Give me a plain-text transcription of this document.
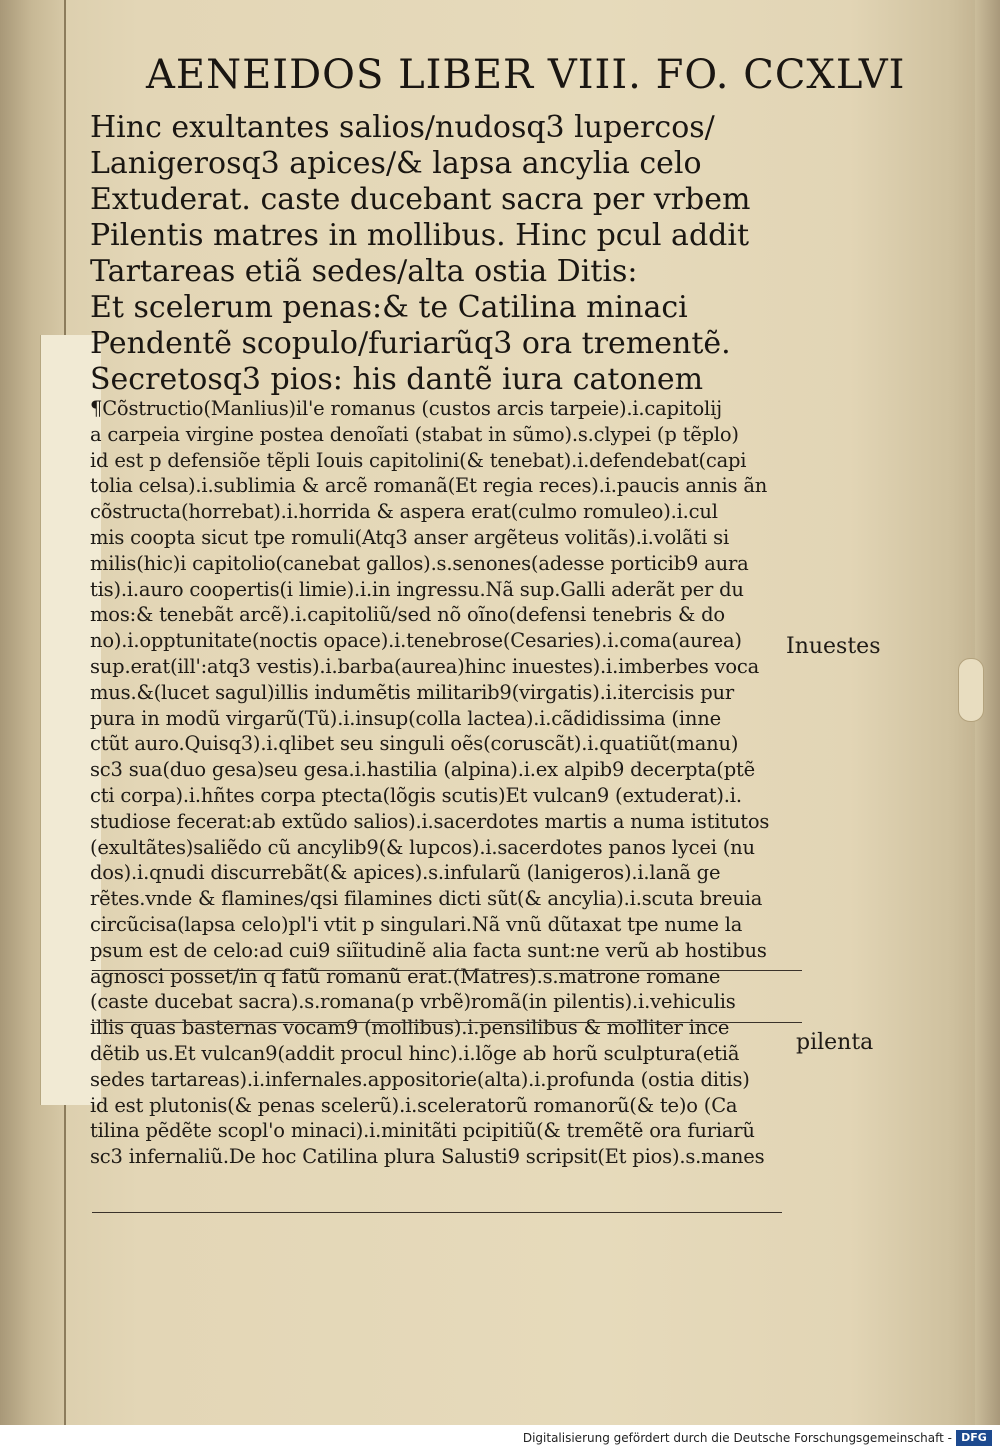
AENEIDOS LIBER VIII. FO. CCXLVI
Hinc exultantes salios/nudosq3 lupercos/
Lanigerosq3 apices/& lapsa ancylia celo
Extuderat. caste ducebant sacra per vrbem
Pilentis matres in mollibus. Hinc pcul addit
Tartareas etiã sedes/alta ostia Ditis:
Et scelerum penas:& te Catilina minaci
Pendentẽ scopulo/furiarũq3 ora trementẽ.
Secretosq3 pios: his dantẽ iura catonem
¶Cõstructio(Manlius)il'e romanus (custos arcis tarpeie).i.capitolij
a carpeia virgine postea denoĩati (stabat in sũmo).s.clypei (p tẽplo)
id est p defensiõe tẽpli Iouis capitolini(& tenebat).i.defendebat(capi
tolia celsa).i.sublimia & arcẽ romanã(Et regia reces).i.paucis annis ãn
cõstructa(horrebat).i.horrida & aspera erat(culmo romuleo).i.cul
mis coopta sicut tpe romuli(Atq3 anser argẽteus volitãs).i.volãti si
milis(hic)i capitolio(canebat gallos).s.senones(adesse porticib9 aura
tis).i.auro coopertis(i limie).i.in ingressu.Nã sup.Galli aderãt per du
mos:& tenebãt arcẽ).i.capitoliũ/sed nõ oĩno(defensi tenebris & do
no).i.opptunitate(noctis opace).i.tenebrose(Cesaries).i.coma(aurea)
sup.erat(ill':atq3 vestis).i.barba(aurea)hinc inuestes).i.imberbes voca
mus.&(lucet sagul)illis indumẽtis militarib9(virgatis).i.itercisis pur
pura in modũ virgarũ(Tũ).i.insup(colla lactea).i.cãdidissima (inne
ctũt auro.Quisq3).i.qlibet seu singuli oẽs(coruscãt).i.quatiũt(manu)
sc3 sua(duo gesa)seu gesa.i.hastilia (alpina).i.ex alpib9 decerpta(ptẽ
cti corpa).i.hñtes corpa ptecta(lõgis scutis)Et vulcan9 (extuderat).i.
studiose fecerat:ab extũdo salios).i.sacerdotes martis a numa istitutos
(exultãtes)saliẽdo cũ ancylib9(& lupcos).i.sacerdotes panos lycei (nu
dos).i.qnudi discurrebãt(& apices).s.infularũ (lanigeros).i.lanã ge
rẽtes.vnde & flamines/qsi filamines dicti sũt(& ancylia).i.scuta breuia
circũcisa(lapsa celo)pl'i vtit p singulari.Nã vnũ dũtaxat tpe nume la
psum est de celo:ad cui9 siĩitudinẽ alia facta sunt:ne verũ ab hostibus
agnosci posset/in q fatũ romanũ erat.(Matres).s.matrone romane
(caste ducebat sacra).s.romana(p vrbẽ)romã(in pilentis).i.vehiculis
illis quas basternas vocam9 (mollibus).i.pensilibus & molliter ince
dẽtib us.Et vulcan9(addit procul hinc).i.lõge ab horũ sculptura(etiã
sedes tartareas).i.infernales.appositorie(alta).i.profunda (ostia ditis)
id est plutonis(& penas scelerũ).i.sceleratorũ romanorũ(& te)o (Ca
tilina pẽdẽte scopl'o minaci).i.minitãti pcipitiũ(& tremẽtẽ ora furiarũ
sc3 infernaliũ.De hoc Catilina plura Salusti9 scripsit(Et pios).s.manes
Inuestes
pilenta
Digitalisierung gefördert durch die Deutsche Forschungsgemeinschaft - DFG
